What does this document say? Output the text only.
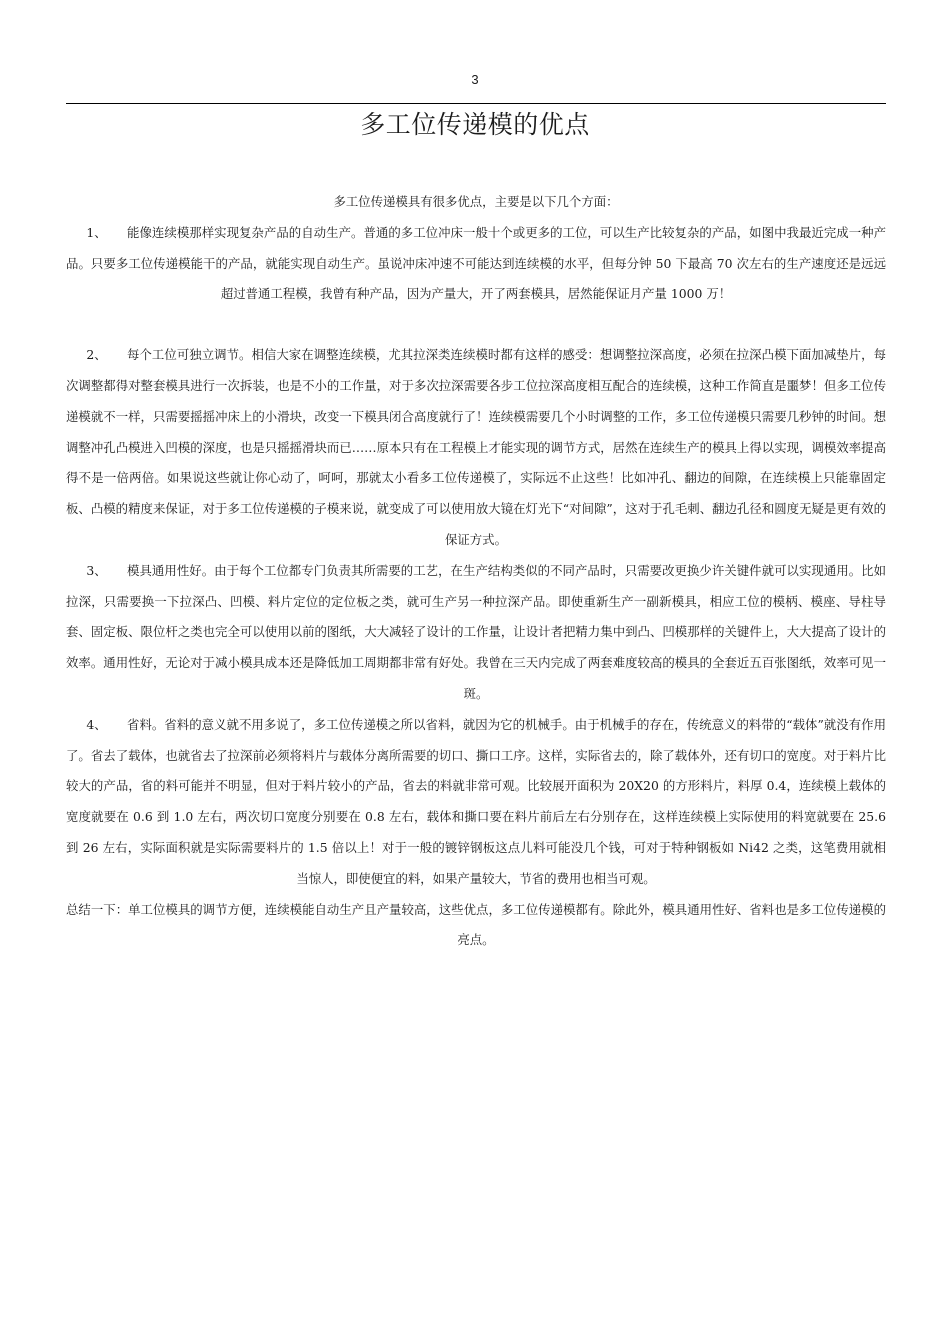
3
多工位传递模的优点

多工位传递模具有很多优点，主要是以下几个方面：

1、 能像连续模那样实现复杂产品的自动生产。普通的多工位冲床一般十个或更多的工位，可以生产比较复杂的产品，如图中我最近完成一种产品。只要多工位传递模能干的产品，就能实现自动生产。虽说冲床冲速不可能达到连续模的水平，但每分钟 50 下最高 70 次左右的生产速度还是远远超过普通工程模，我曾有种产品，因为产量大，开了两套模具，居然能保证月产量 1000 万！

2、 每个工位可独立调节。相信大家在调整连续模，尤其拉深类连续模时都有这样的感受：想调整拉深高度，必须在拉深凸模下面加减垫片，每次调整都得对整套模具进行一次拆装，也是不小的工作量，对于多次拉深需要各步工位拉深高度相互配合的连续模，这种工作简直是噩梦！但多工位传递模就不一样，只需要摇摇冲床上的小滑块，改变一下模具闭合高度就行了！连续模需要几个小时调整的工作，多工位传递模只需要几秒钟的时间。想调整冲孔凸模进入凹模的深度，也是只摇摇滑块而已……原本只有在工程模上才能实现的调节方式，居然在连续生产的模具上得以实现，调模效率提高得不是一倍两倍。如果说这些就让你心动了，呵呵，那就太小看多工位传递模了，实际远不止这些！比如冲孔、翻边的间隙，在连续模上只能靠固定板、凸模的精度来保证，对于多工位传递模的子模来说，就变成了可以使用放大镜在灯光下“对间隙”，这对于孔毛刺、翻边孔径和圆度无疑是更有效的保证方式。

3、 模具通用性好。由于每个工位都专门负责其所需要的工艺，在生产结构类似的不同产品时，只需要改更换少许关键件就可以实现通用。比如拉深，只需要换一下拉深凸、凹模、料片定位的定位板之类，就可生产另一种拉深产品。即使重新生产一副新模具，相应工位的模柄、模座、导柱导套、固定板、限位杆之类也完全可以使用以前的图纸，大大减轻了设计的工作量，让设计者把精力集中到凸、凹模那样的关键件上，大大提高了设计的效率。通用性好，无论对于减小模具成本还是降低加工周期都非常有好处。我曾在三天内完成了两套难度较高的模具的全套近五百张图纸，效率可见一斑。

4、 省料。省料的意义就不用多说了，多工位传递模之所以省料，就因为它的机械手。由于机械手的存在，传统意义的料带的“载体”就没有作用了。省去了载体，也就省去了拉深前必须将料片与载体分离所需要的切口、撕口工序。这样，实际省去的，除了载体外，还有切口的宽度。对于料片比较大的产品，省的料可能并不明显，但对于料片较小的产品，省去的料就非常可观。比较展开面积为 20X20 的方形料片，料厚 0.4，连续模上载体的宽度就要在 0.6 到 1.0 左右，两次切口宽度分别要在 0.8 左右，载体和撕口要在料片前后左右分别存在，这样连续模上实际使用的料宽就要在 25.6 到 26 左右，实际面积就是实际需要料片的 1.5 倍以上！对于一般的镀锌钢板这点儿料可能没几个钱，可对于特种钢板如 Ni42 之类，这笔费用就相当惊人，即使便宜的料，如果产量较大，节省的费用也相当可观。

总结一下：单工位模具的调节方便，连续模能自动生产且产量较高，这些优点，多工位传递模都有。除此外，模具通用性好、省料也是多工位传递模的亮点。
